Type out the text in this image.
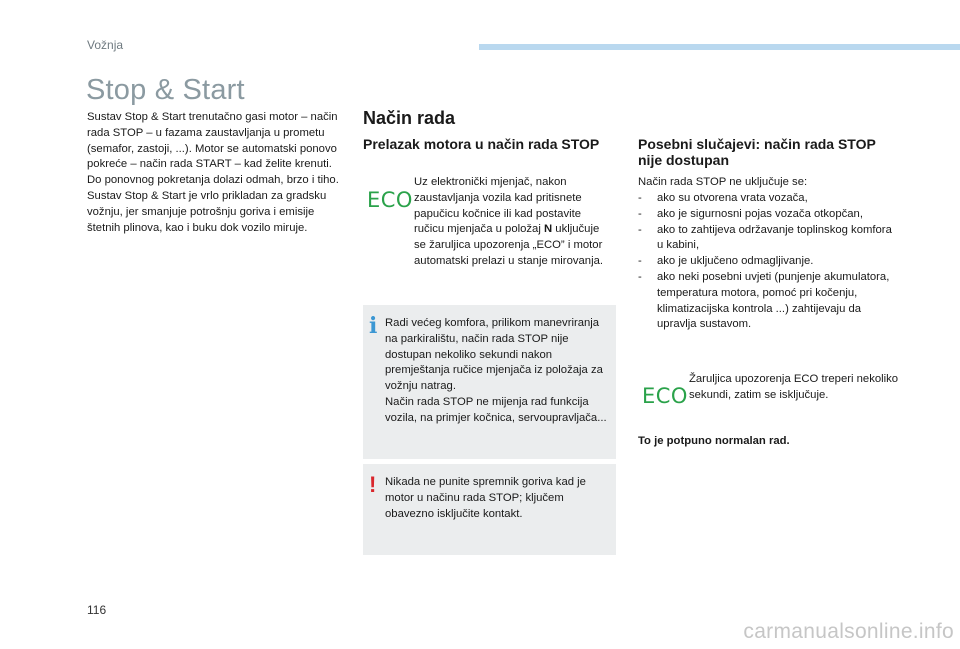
Vožnja
Stop & Start

Sustav Stop & Start trenutačno gasi motor – način rada STOP – u fazama zaustavljanja u prometu (semafor, zastoji, ...). Motor se automatski ponovo pokreće – način rada START – kad želite krenuti. Do ponovnog pokretanja dolazi odmah, brzo i tiho.

Sustav Stop & Start je vrlo prikladan za gradsku vožnju, jer smanjuje potrošnju goriva i emisije štetnih plinova, kao i buku dok vozilo miruje.

Način rada
Prelazak motora u način rada STOP
ECO
Uz elektronički mjenjač, nakon zaustavljanja vozila kad pritisnete papučicu kočnice ili kad postavite ručicu mjenjača u položaj N uključuje se žaruljica upozorenja „ECO” i motor automatski prelazi u stanje mirovanja.
i Radi većeg komfora, prilikom manevriranja na parkiralištu, način rada STOP nije dostupan nekoliko sekundi nakon premještanja ručice mjenjača iz položaja za vožnju natrag.

Način rada STOP ne mijenja rad funkcija vozila, na primjer kočnica, servoupravljača...

! Nikada ne punite spremnik goriva kad je motor u načinu rada STOP; ključem obavezno isključite kontakt.

Posebni slučajevi: način rada STOP nije dostupan

Način rada STOP ne uključuje se:

- ako su otvorena vrata vozača,
- ako je sigurnosni pojas vozača otkopčan,
- ako to zahtijeva održavanje toplinskog komfora u kabini,
- ako je uključeno odmagljivanje.
- ako neki posebni uvjeti (punjenje akumulatora, temperatura motora, pomoć pri kočenju, klimatizacijska kontrola ...) zahtijevaju da upravlja sustavom.
ECO

Žaruljica upozorenja ECO treperi nekoliko sekundi, zatim se isključuje.

To je potpuno normalan rad.

116
carmanualsonline.info
